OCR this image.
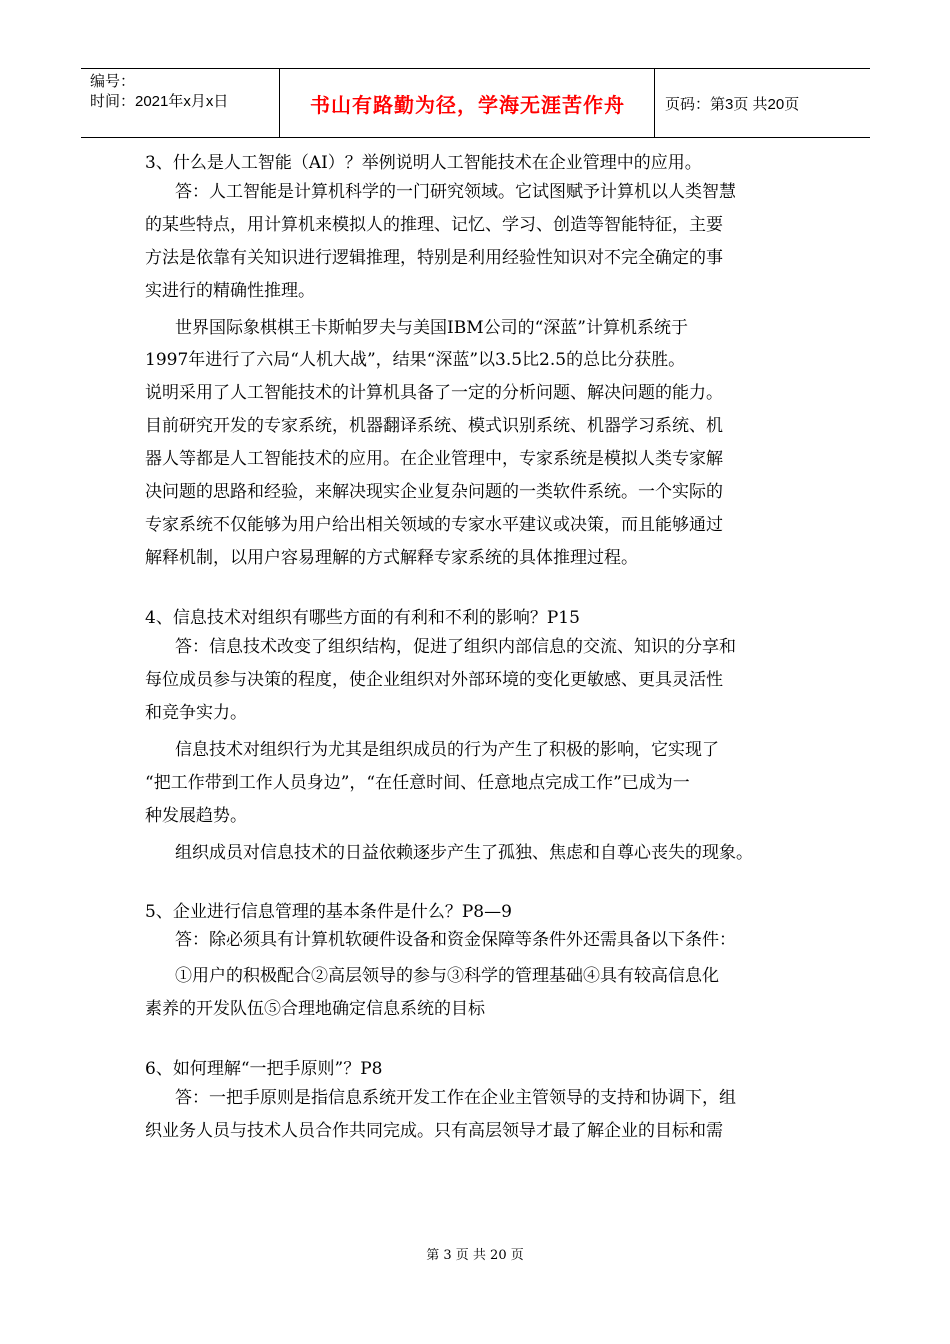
编号：
时间：2021年x月x日	书山有路勤为径，学海无涯苦作舟	页码：第3页 共20页
3、什么是人工智能（AI）？举例说明人工智能技术在企业管理中的应用。
答：人工智能是计算机科学的一门研究领域。它试图赋予计算机以人类智慧
的某些特点，用计算机来模拟人的推理、记忆、学习、创造等智能特征，主要
方法是依靠有关知识进行逻辑推理，特别是利用经验性知识对不完全确定的事
实进行的精确性推理。
世界国际象棋棋王卡斯帕罗夫与美国IBM公司的“深蓝”计算机系统于
1997年进行了六局“人机大战”，结果“深蓝”以3.5比2.5的总比分获胜。
说明采用了人工智能技术的计算机具备了一定的分析问题、解决问题的能力。
目前研究开发的专家系统，机器翻译系统、模式识别系统、机器学习系统、机
器人等都是人工智能技术的应用。在企业管理中，专家系统是模拟人类专家解
决问题的思路和经验，来解决现实企业复杂问题的一类软件系统。一个实际的
专家系统不仅能够为用户给出相关领域的专家水平建议或决策，而且能够通过
解释机制，以用户容易理解的方式解释专家系统的具体推理过程。
4、信息技术对组织有哪些方面的有利和不利的影响？P15
答：信息技术改变了组织结构，促进了组织内部信息的交流、知识的分享和
每位成员参与决策的程度，使企业组织对外部环境的变化更敏感、更具灵活性
和竞争实力。
信息技术对组织行为尤其是组织成员的行为产生了积极的影响，它实现了
“把工作带到工作人员身边”，“在任意时间、任意地点完成工作”已成为一
种发展趋势。
组织成员对信息技术的日益依赖逐步产生了孤独、焦虑和自尊心丧失的现象。
5、企业进行信息管理的基本条件是什么？P8—9
答：除必须具有计算机软硬件设备和资金保障等条件外还需具备以下条件：
①用户的积极配合②高层领导的参与③科学的管理基础④具有较高信息化
素养的开发队伍⑤合理地确定信息系统的目标
6、如何理解“一把手原则”？P8
答：一把手原则是指信息系统开发工作在企业主管领导的支持和协调下，组
织业务人员与技术人员合作共同完成。只有高层领导才最了解企业的目标和需
第 3 页 共 20 页
